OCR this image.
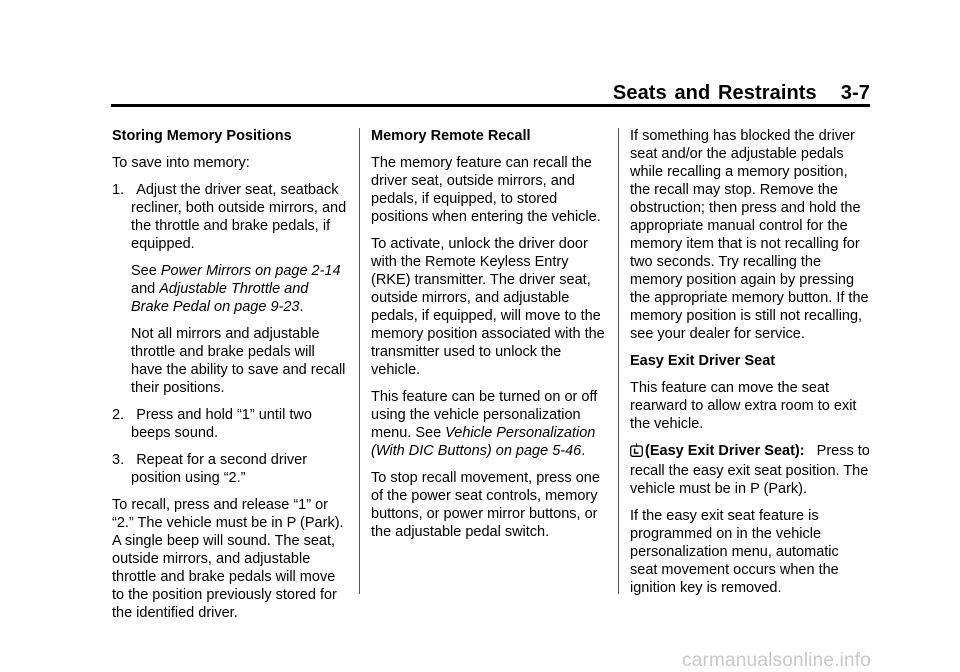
Seats and Restraints 3-7

Storing Memory Positions

To save into memory:

1. Adjust the driver seat, seatback recliner, both outside mirrors, and the throttle and brake pedals, if equipped.

See Power Mirrors on page 2-14 and Adjustable Throttle and Brake Pedal on page 9-23.

Not all mirrors and adjustable throttle and brake pedals will have the ability to save and recall their positions.

2. Press and hold “1” until two beeps sound.

3. Repeat for a second driver position using “2.”

To recall, press and release “1” or “2.” The vehicle must be in P (Park). A single beep will sound. The seat, outside mirrors, and adjustable throttle and brake pedals will move to the position previously stored for the identified driver.

Memory Remote Recall

The memory feature can recall the driver seat, outside mirrors, and pedals, if equipped, to stored positions when entering the vehicle.

To activate, unlock the driver door with the Remote Keyless Entry (RKE) transmitter. The driver seat, outside mirrors, and adjustable pedals, if equipped, will move to the memory position associated with the transmitter used to unlock the vehicle.

This feature can be turned on or off using the vehicle personalization menu. See Vehicle Personalization (With DIC Buttons) on page 5-46.

To stop recall movement, press one of the power seat controls, memory buttons, or power mirror buttons, or the adjustable pedal switch.

If something has blocked the driver seat and/or the adjustable pedals while recalling a memory position, the recall may stop. Remove the obstruction; then press and hold the appropriate manual control for the memory item that is not recalling for two seconds. Try recalling the memory position again by pressing the appropriate memory button. If the memory position is still not recalling, see your dealer for service.

Easy Exit Driver Seat

This feature can move the seat rearward to allow extra room to exit the vehicle.

(Easy Exit Driver Seat): Press to recall the easy exit seat position. The vehicle must be in P (Park).

If the easy exit seat feature is programmed on in the vehicle personalization menu, automatic seat movement occurs when the ignition key is removed.

carmanualsonline.info
